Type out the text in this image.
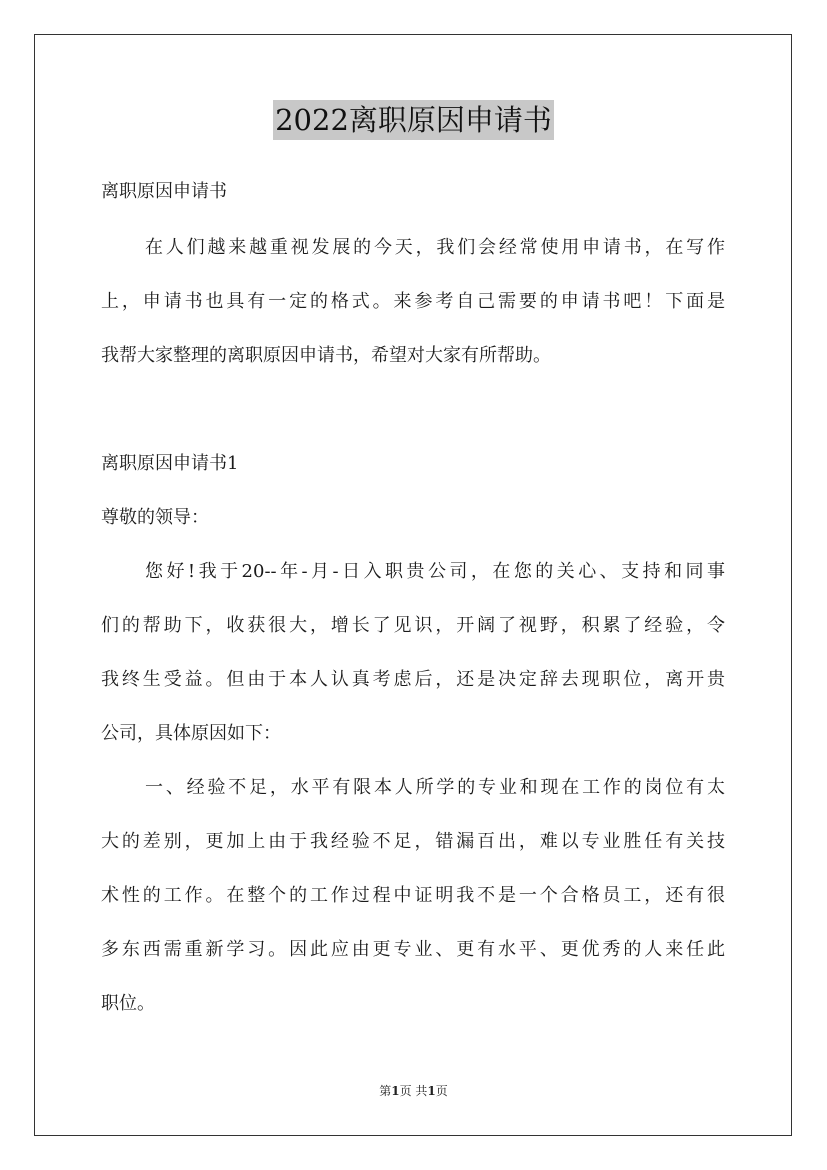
2022离职原因申请书
离职原因申请书
在人们越来越重视发展的今天，我们会经常使用申请书，在写作
上，申请书也具有一定的格式。来参考自己需要的申请书吧！下面是
我帮大家整理的离职原因申请书，希望对大家有所帮助。
离职原因申请书1
尊敬的领导：
您好!我于20--年-月-日入职贵公司，在您的关心、支持和同事
们的帮助下，收获很大，增长了见识，开阔了视野，积累了经验，令
我终生受益。但由于本人认真考虑后，还是决定辞去现职位，离开贵
公司，具体原因如下：
一、经验不足，水平有限本人所学的专业和现在工作的岗位有太
大的差别，更加上由于我经验不足，错漏百出，难以专业胜任有关技
术性的工作。在整个的工作过程中证明我不是一个合格员工，还有很
多东西需重新学习。因此应由更专业、更有水平、更优秀的人来任此
职位。
第1页 共1页
